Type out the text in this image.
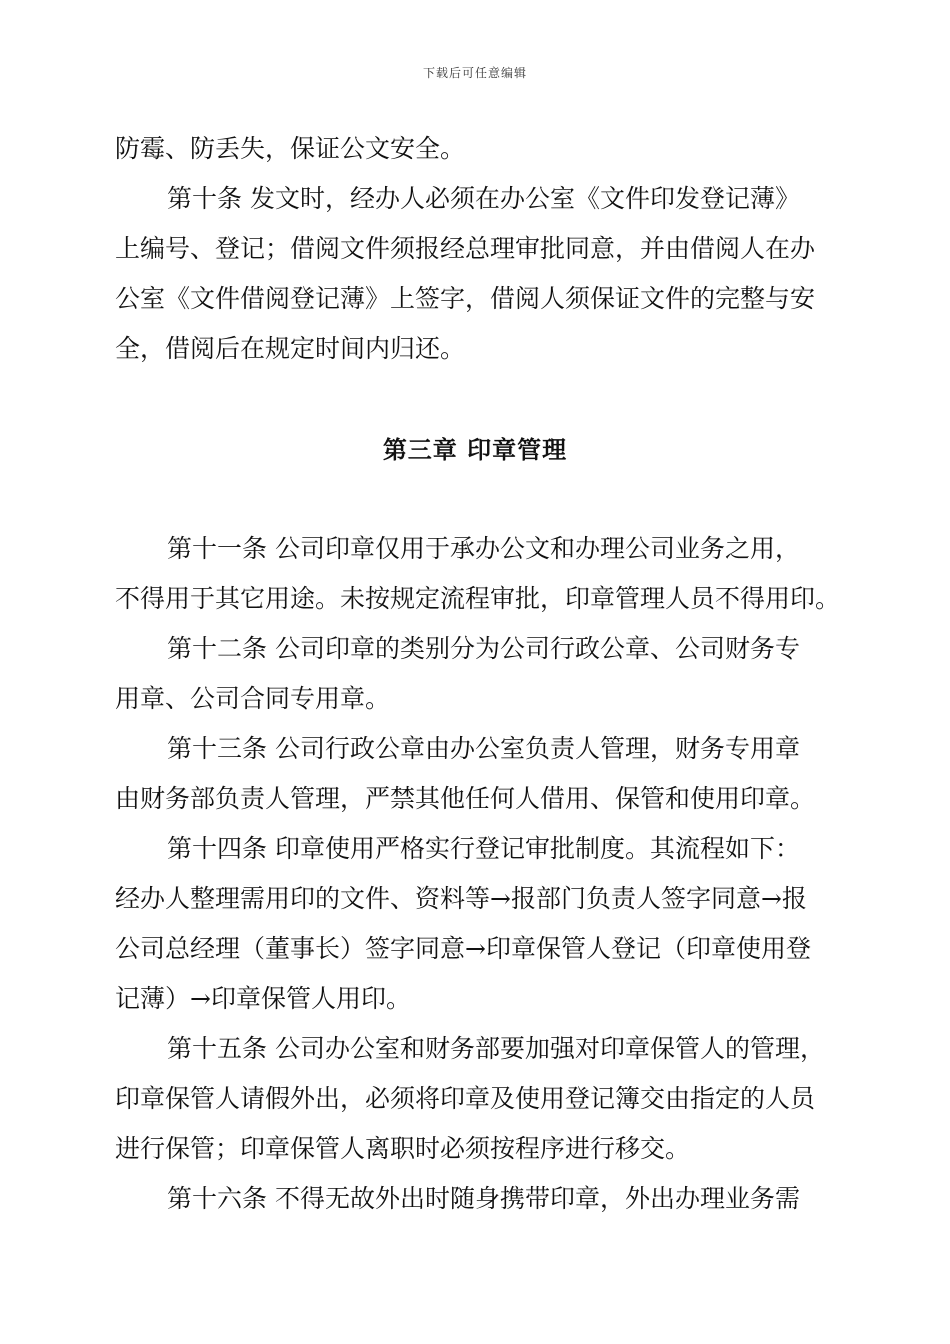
下载后可任意编辑
防霉、防丢失，保证公文安全。
第十条 发文时，经办人必须在办公室《文件印发登记薄》
上编号、登记；借阅文件须报经总理审批同意，并由借阅人在办
公室《文件借阅登记薄》上签字，借阅人须保证文件的完整与安
全，借阅后在规定时间内归还。
第三章 印章管理
第十一条 公司印章仅用于承办公文和办理公司业务之用，
不得用于其它用途。未按规定流程审批，印章管理人员不得用印。
第十二条 公司印章的类别分为公司行政公章、公司财务专
用章、公司合同专用章。
第十三条 公司行政公章由办公室负责人管理，财务专用章
由财务部负责人管理，严禁其他任何人借用、保管和使用印章。
第十四条 印章使用严格实行登记审批制度。其流程如下：
经办人整理需用印的文件、资料等→报部门负责人签字同意→报
公司总经理（董事长）签字同意→印章保管人登记（印章使用登
记薄）→印章保管人用印。
第十五条 公司办公室和财务部要加强对印章保管人的管理，
印章保管人请假外出，必须将印章及使用登记簿交由指定的人员
进行保管；印章保管人离职时必须按程序进行移交。
第十六条 不得无故外出时随身携带印章，外出办理业务需
